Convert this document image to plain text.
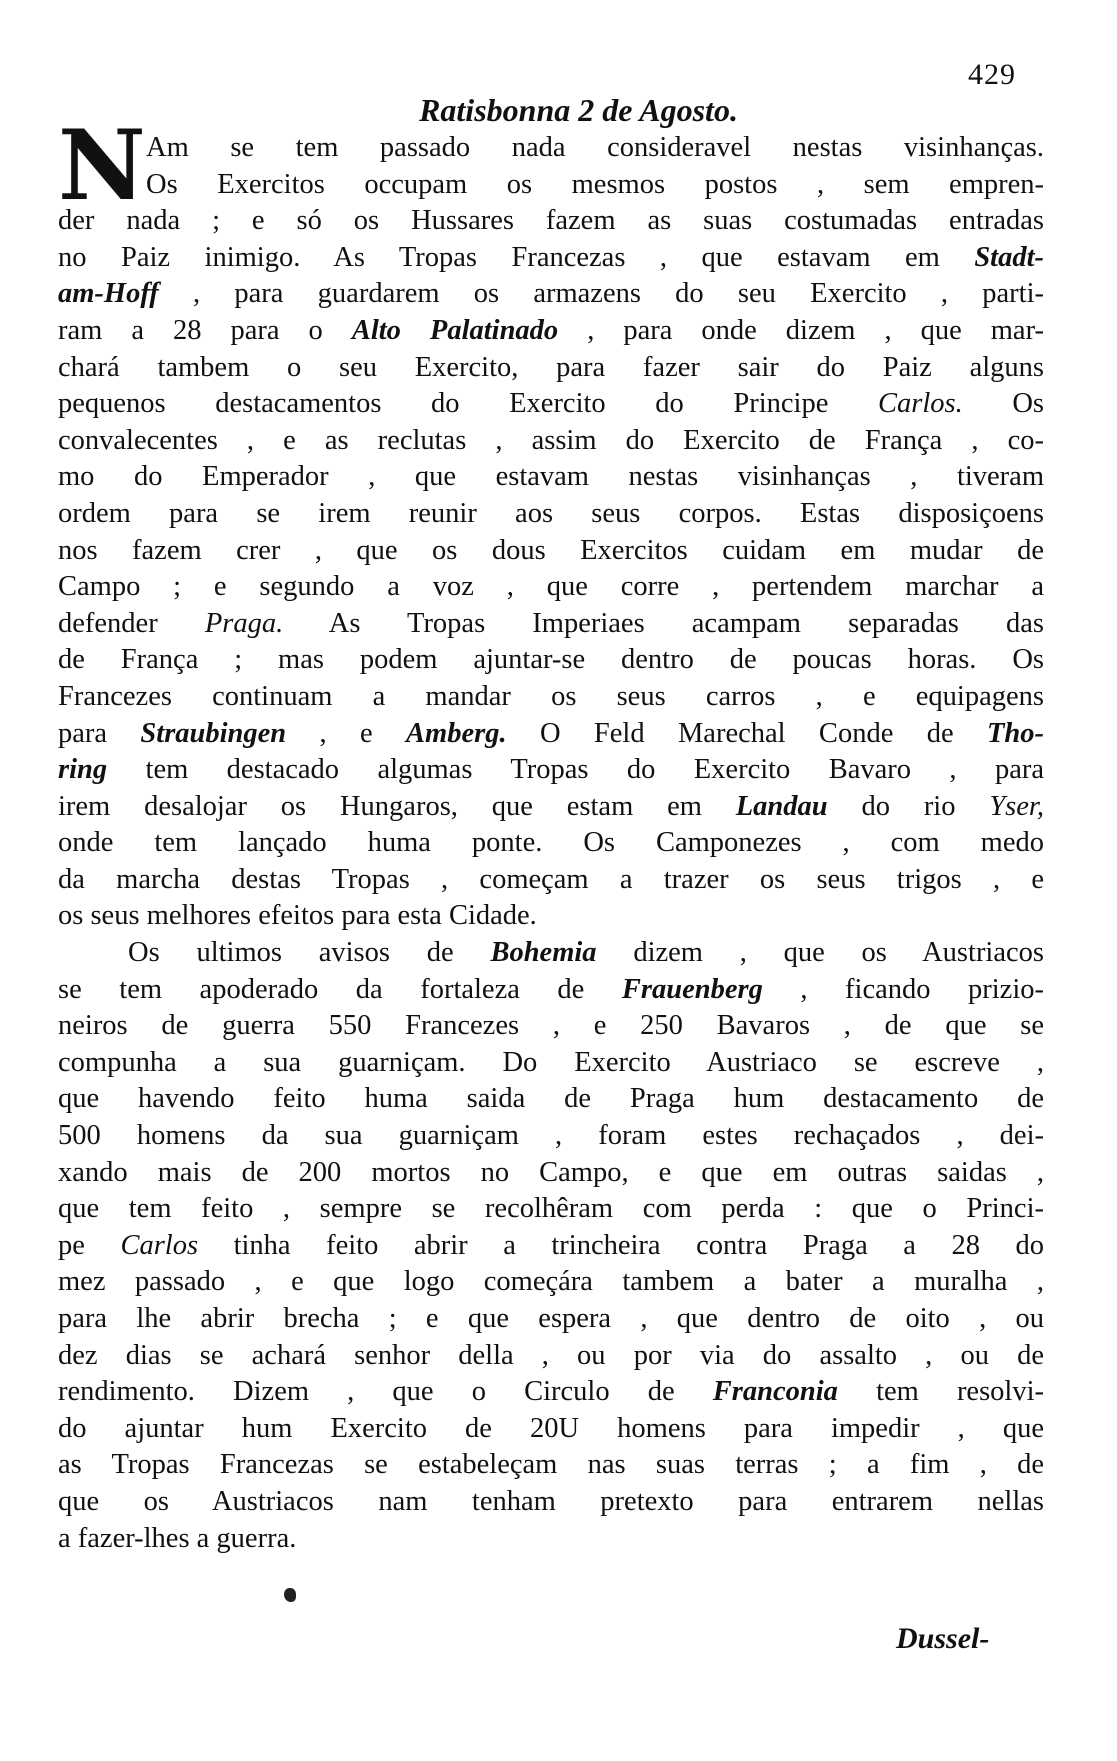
429
Ratisbonna 2 de Agosto.
N Am se tem passado nada consideravel nestas visinhanças.
Os Exercitos occupam os mesmos postos , sem empren-
der nada ; e só os Hussares fazem as suas costumadas entradas
no Paiz inimigo. As Tropas Francezas , que estavam em Stadt-
am-Hoff , para guardarem os armazens do seu Exercito , parti-
ram a 28 para o Alto Palatinado , para onde dizem , que mar-
chará tambem o seu Exercito, para fazer sair do Paiz alguns
pequenos destacamentos do Exercito do Principe Carlos. Os
convalecentes , e as reclutas , assim do Exercito de França , co-
mo do Emperador , que estavam nestas visinhanças , tiveram
ordem para se irem reunir aos seus corpos. Estas disposiçoens
nos fazem crer , que os dous Exercitos cuidam em mudar de
Campo ; e segundo a voz , que corre , pertendem marchar a
defender Praga. As Tropas Imperiaes acampam separadas das
de França ; mas podem ajuntar-se dentro de poucas horas. Os
Francezes continuam a mandar os seus carros , e equipagens
para Straubingen , e Amberg. O Feld Marechal Conde de Tho-
ring tem destacado algumas Tropas do Exercito Bavaro , para
irem desalojar os Hungaros, que estam em Landau do rio Yser,
onde tem lançado huma ponte. Os Camponezes , com medo
da marcha destas Tropas , começam a trazer os seus trigos , e
os seus melhores efeitos para esta Cidade.
Os ultimos avisos de Bohemia dizem , que os Austriacos
se tem apoderado da fortaleza de Frauenberg , ficando prizio-
neiros de guerra 550 Francezes , e 250 Bavaros , de que se
compunha a sua guarniçam. Do Exercito Austriaco se escreve ,
que havendo feito huma saida de Praga hum destacamento de
500 homens da sua guarniçam , foram estes rechaçados , dei-
xando mais de 200 mortos no Campo, e que em outras saidas ,
que tem feito , sempre se recolhêram com perda : que o Princi-
pe Carlos tinha feito abrir a trincheira contra Praga a 28 do
mez passado , e que logo começára tambem a bater a muralha ,
para lhe abrir brecha ; e que espera , que dentro de oito , ou
dez dias se achará senhor della , ou por via do assalto , ou de
rendimento. Dizem , que o Circulo de Franconia tem resolvi-
do ajuntar hum Exercito de 20U homens para impedir , que
as Tropas Francezas se estabeleçam nas suas terras ; a fim , de
que os Austriacos nam tenham pretexto para entrarem nellas
a fazer-lhes a guerra.
Dussel-
